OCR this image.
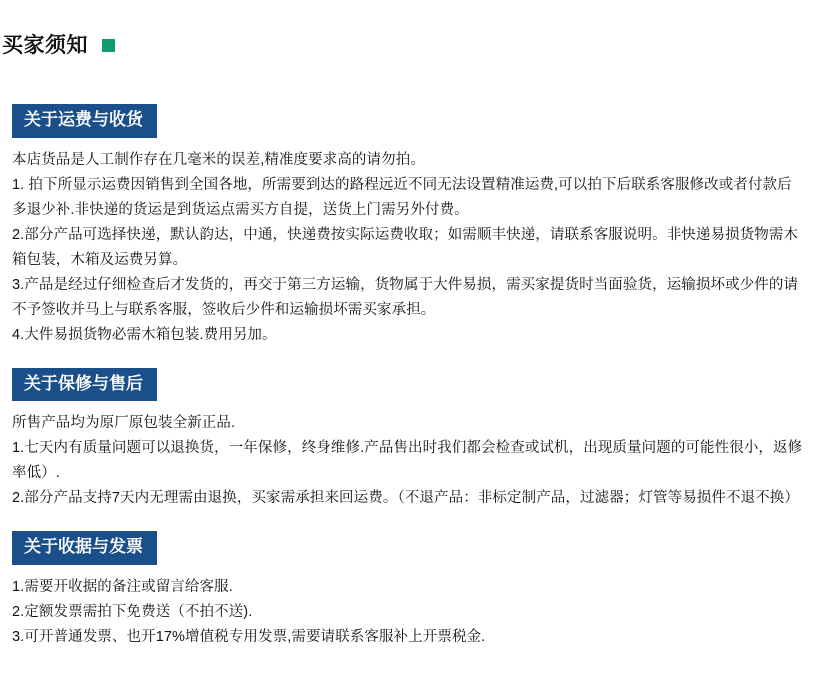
买家须知
关于运费与收货

本店货品是人工制作存在几毫米的误差,精准度要求高的请勿拍。

1. 拍下所显示运费因销售到全国各地，所需要到达的路程远近不同无法设置精准运费,可以拍下后联系客服修改或者付款后多退少补.非快递的货运是到货运点需买方自提，送货上门需另外付费。

2.部分产品可选择快递，默认韵达，中通，快递费按实际运费收取；如需顺丰快递，请联系客服说明。非快递易损货物需木箱包装，木箱及运费另算。

3.产品是经过仔细检查后才发货的，再交于第三方运输，货物属于大件易损，需买家提货时当面验货，运输损坏或少件的请不予签收并马上与联系客服，签收后少件和运输损坏需买家承担。

4.大件易损货物必需木箱包装.费用另加。

关于保修与售后

所售产品均为原厂原包装全新正品.

1.七天内有质量问题可以退换货，一年保修，终身维修.产品售出时我们都会检查或试机，出现质量问题的可能性很小，返修率低）.

2.部分产品支持7天内无理需由退换，买家需承担来回运费。（不退产品：非标定制产品，过滤器；灯管等易损件不退不换）

关于收据与发票

1.需要开收据的备注或留言给客服.

2.定额发票需拍下免费送（不拍不送).

3.可开普通发票、也开17%增值税专用发票,需要请联系客服补上开票税金.
